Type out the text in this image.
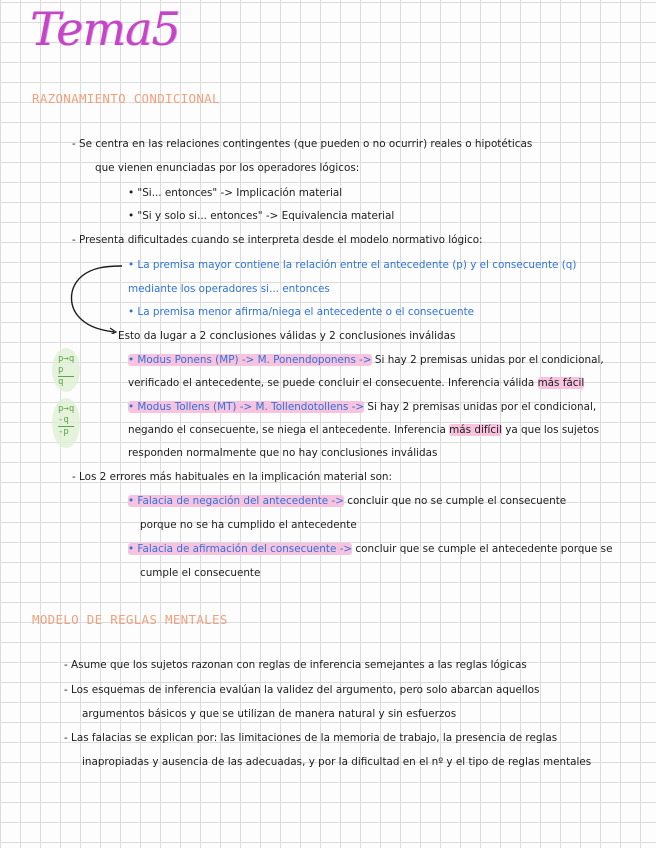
Tema5
RAZONAMIENTO CONDICIONAL
- Se centra en las relaciones contingentes (que pueden o no ocurrir) reales o hipotéticas
que vienen enunciadas por los operadores lógicos:
• "Si... entonces" -> Implicación material
• "Si y solo si... entonces" -> Equivalencia material
- Presenta dificultades cuando se interpreta desde el modelo normativo lógico:
• La premisa mayor contiene la relación entre el antecedente (p) y el consecuente (q)
mediante los operadores si... entonces
• La premisa menor afirma/niega el antecedente o el consecuente
Esto da lugar a 2 conclusiones válidas y 2 conclusiones inválidas
p→q
p
q
• Modus Ponens (MP) -> M. Ponendoponens -> Si hay 2 premisas unidas por el condicional,
verificado el antecedente, se puede concluir el consecuente. Inferencia válida más fácil
p→q
-q
-p
• Modus Tollens (MT) -> M. Tollendotollens -> Si hay 2 premisas unidas por el condicional,
negando el consecuente, se niega el antecedente. Inferencia más difícil ya que los sujetos
responden normalmente que no hay conclusiones inválidas
- Los 2 errores más habituales en la implicación material son:
• Falacia de negación del antecedente -> concluir que no se cumple el consecuente
porque no se ha cumplido el antecedente
• Falacia de afirmación del consecuente -> concluir que se cumple el antecedente porque se
cumple el consecuente
MODELO DE REGLAS MENTALES
- Asume que los sujetos razonan con reglas de inferencia semejantes a las reglas lógicas
- Los esquemas de inferencia evalúan la validez del argumento, pero solo abarcan aquellos
argumentos básicos y que se utilizan de manera natural y sin esfuerzos
- Las falacias se explican por: las limitaciones de la memoria de trabajo, la presencia de reglas
inapropiadas y ausencia de las adecuadas, y por la dificultad en el nº y el tipo de reglas mentales
